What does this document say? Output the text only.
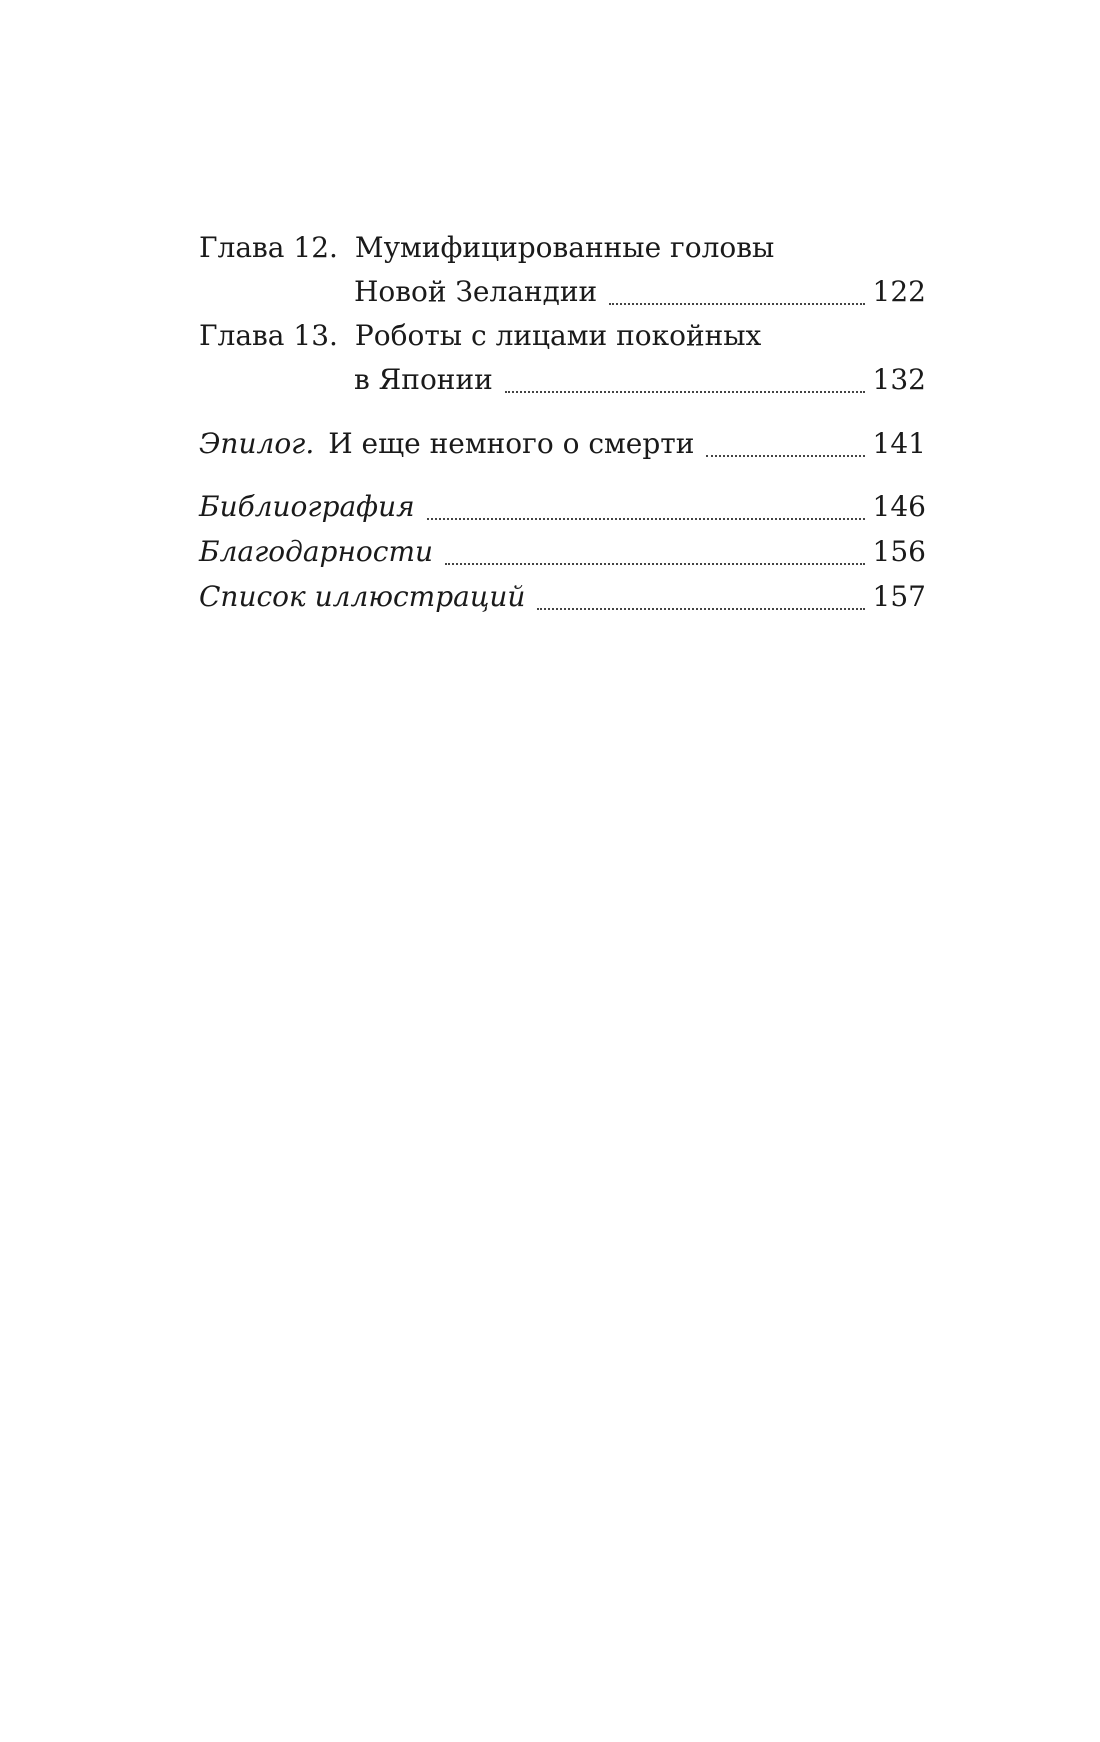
Глава 12. Мумифицированные головы
Новой Зеландии	122
Глава 13. Роботы с лицами покойных
в Японии	132
Эпилог. И еще немного о смерти	141
Библиография	146
Благодарности	156
Список иллюстраций	157
